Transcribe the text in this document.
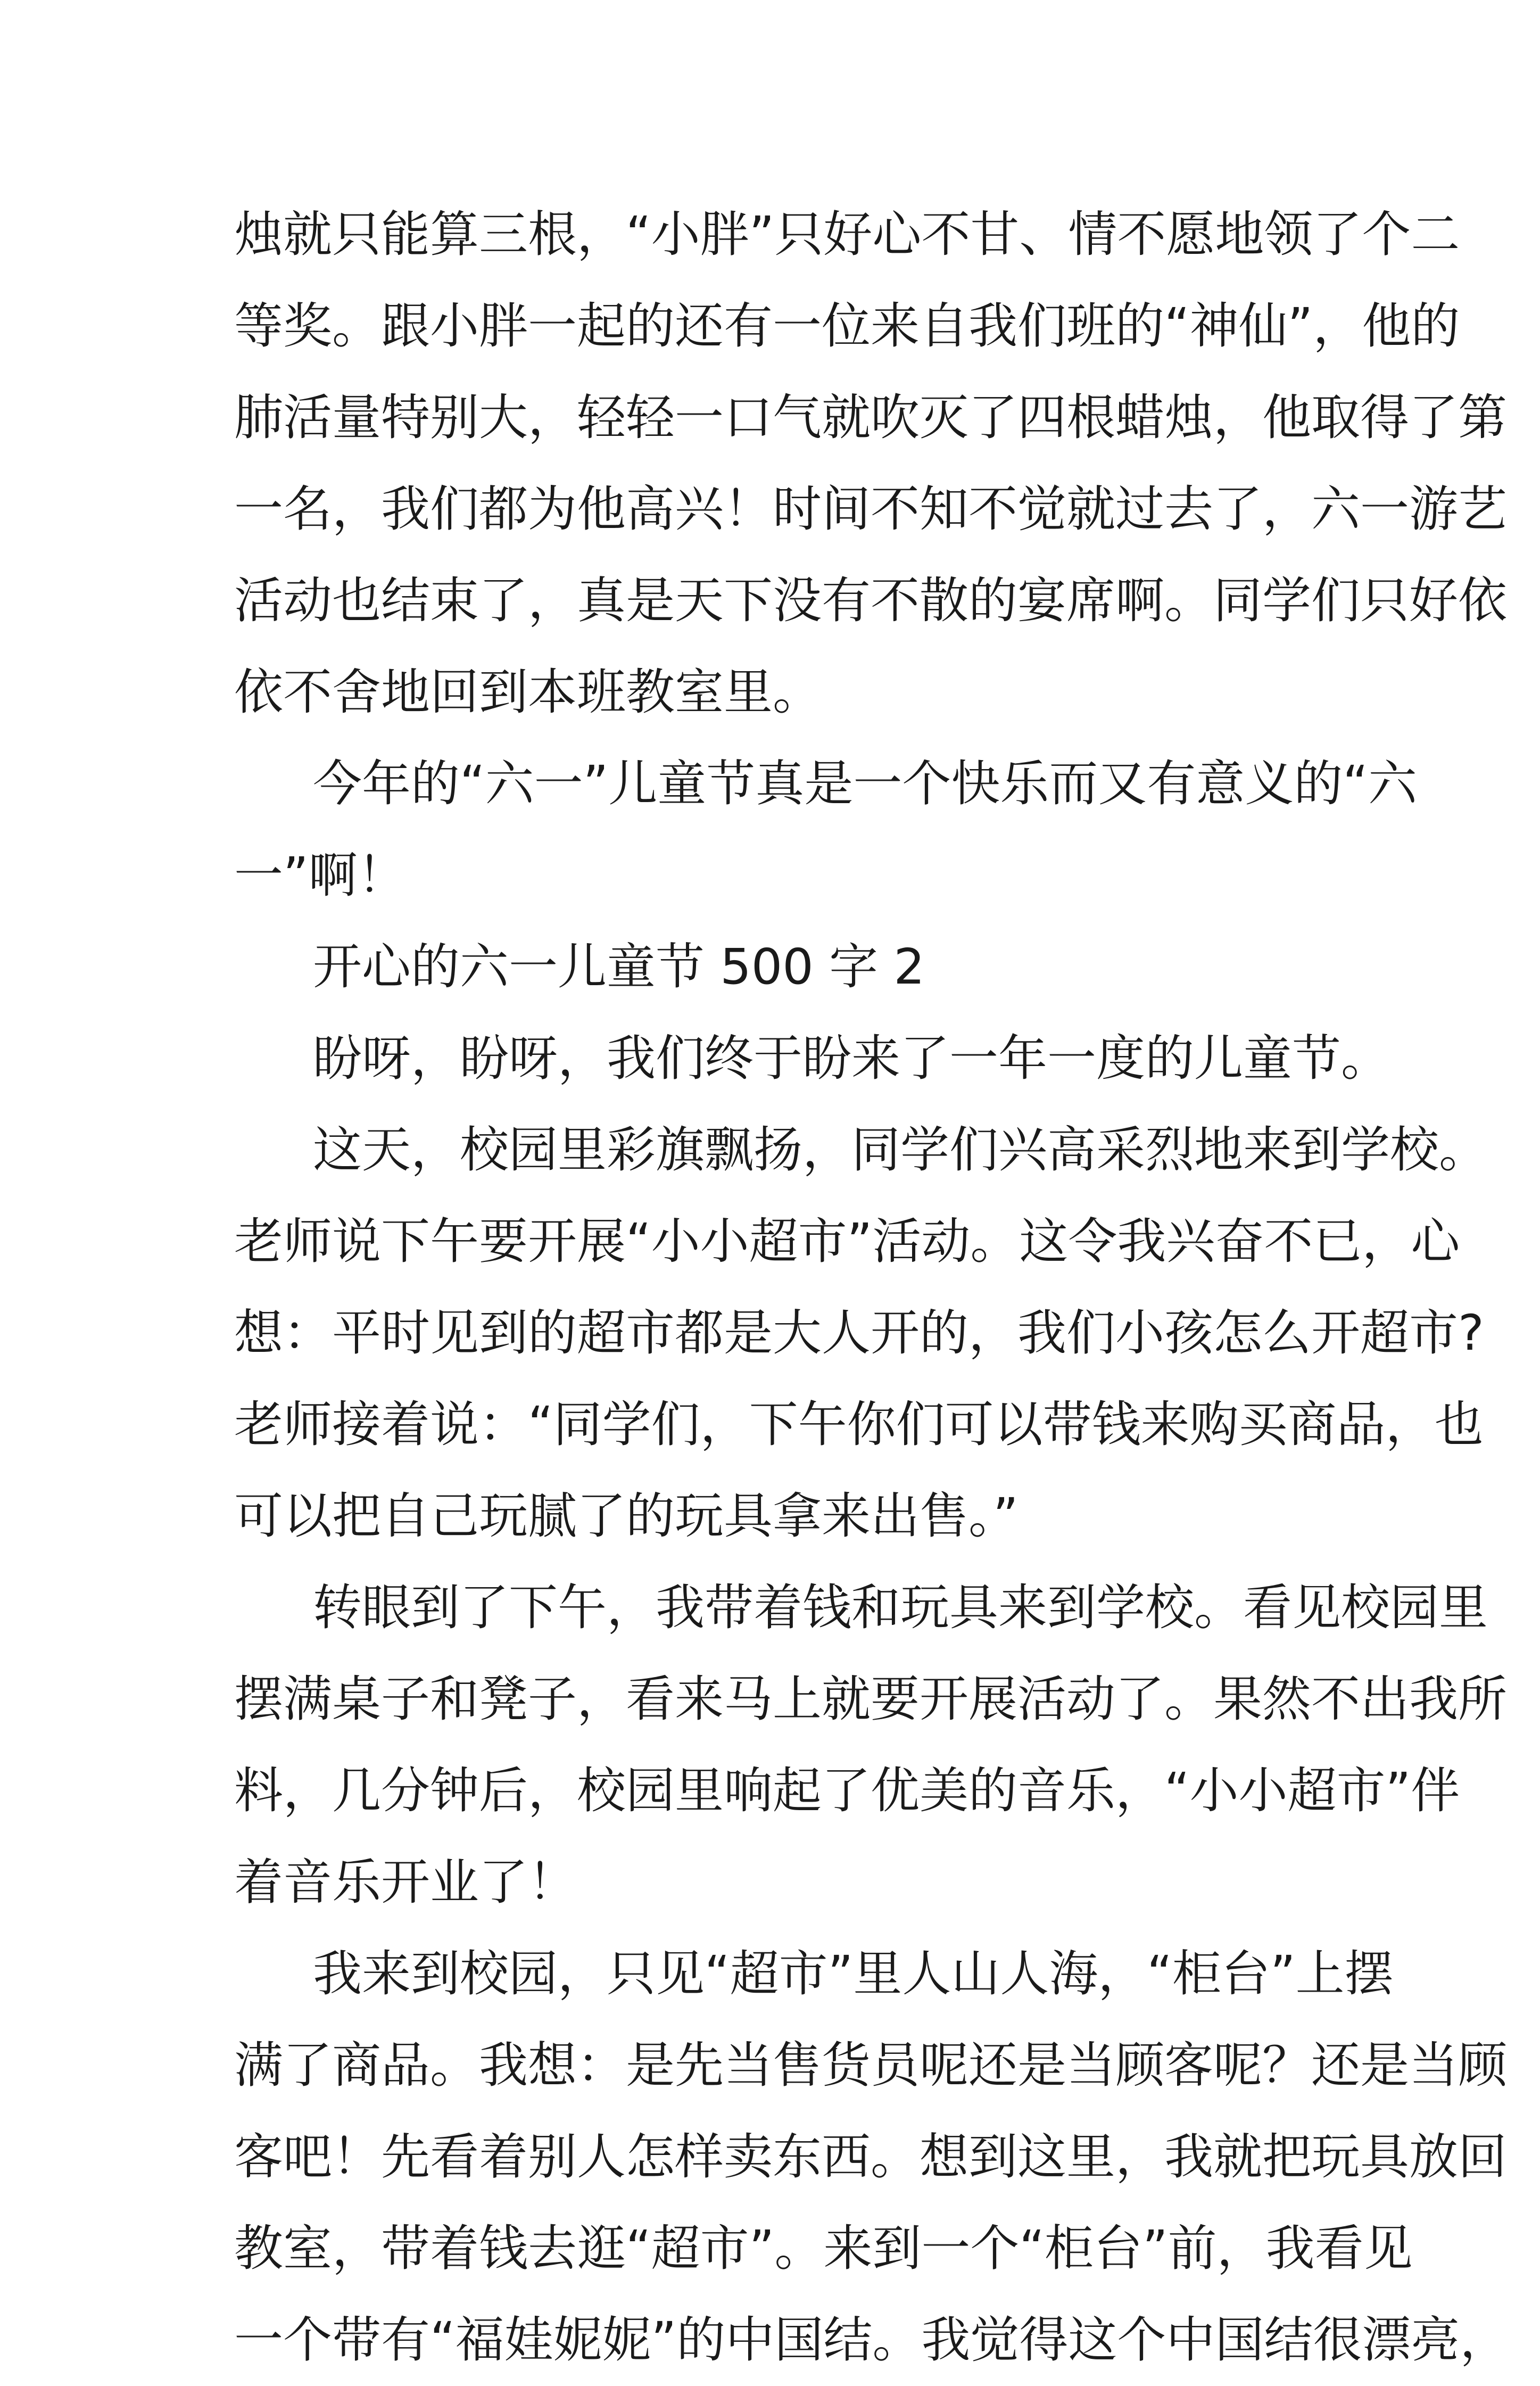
烛就只能算三根，“小胖”只好心不甘、情不愿地领了个二
等奖。跟小胖一起的还有一位来自我们班的“神仙”，他的
肺活量特别大，轻轻一口气就吹灭了四根蜡烛，他取得了第
一名，我们都为他高兴！时间不知不觉就过去了，六一游艺
活动也结束了，真是天下没有不散的宴席啊。同学们只好依
依不舍地回到本班教室里。
今年的“六一”儿童节真是一个快乐而又有意义的“六
一”啊！
开心的六一儿童节 500 字 2
盼呀，盼呀，我们终于盼来了一年一度的儿童节。
这天，校园里彩旗飘扬，同学们兴高采烈地来到学校。
老师说下午要开展“小小超市”活动。这令我兴奋不已，心
想：平时见到的超市都是大人开的，我们小孩怎么开超市?
老师接着说：“同学们，下午你们可以带钱来购买商品，也
可以把自己玩腻了的玩具拿来出售。”
转眼到了下午，我带着钱和玩具来到学校。看见校园里
摆满桌子和凳子，看来马上就要开展活动了。果然不出我所
料，几分钟后，校园里响起了优美的音乐，“小小超市”伴
着音乐开业了！
我来到校园，只见“超市”里人山人海，“柜台”上摆
满了商品。我想：是先当售货员呢还是当顾客呢？还是当顾
客吧！先看着别人怎样卖东西。想到这里，我就把玩具放回
教室，带着钱去逛“超市”。来到一个“柜台”前，我看见
一个带有“福娃妮妮”的中国结。我觉得这个中国结很漂亮，
